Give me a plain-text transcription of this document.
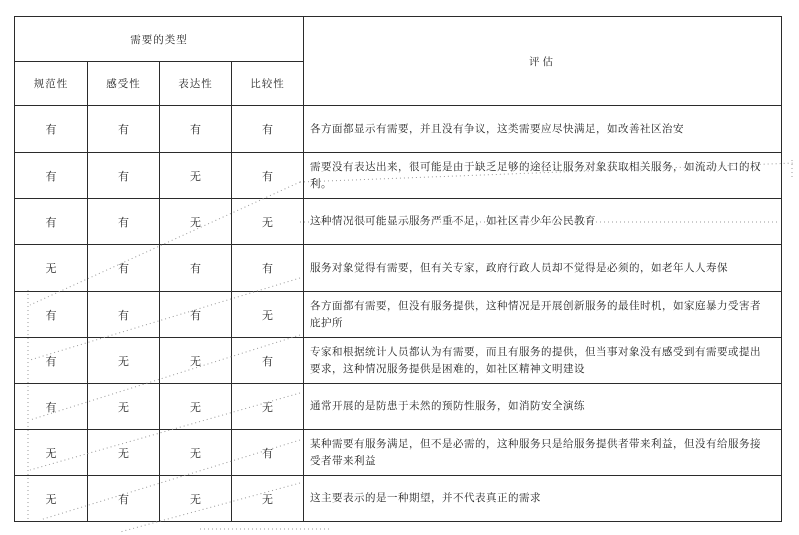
需要的类型				评估
规范性	感受性	表达性	比较性	
有	有	有	有	各方面都显示有需要，并且没有争议，这类需要应尽快满足，如改善社区治安
有	有	无	有	需要没有表达出来，很可能是由于缺乏足够的途径让服务对象获取相关服务，如流动人口的权利。
有	有	无	无	这种情况很可能显示服务严重不足，如社区青少年公民教育
无	有	有	有	服务对象觉得有需要，但有关专家，政府行政人员却不觉得是必须的，如老年人人寿保
有	有	有	无	各方面都有需要，但没有服务提供，这种情况是开展创新服务的最佳时机，如家庭暴力受害者庇护所
有	无	无	有	专家和根据统计人员都认为有需要，而且有服务的提供，但当事对象没有感受到有需要或提出要求，这种情况服务提供是困难的，如社区精神文明建设
有	无	无	无	通常开展的是防患于未然的预防性服务，如消防安全演练
无	无	无	有	某种需要有服务满足，但不是必需的，这种服务只是给服务提供者带来利益，但没有给服务接受者带来利益
无	有	无	无	这主要表示的是一种期望，并不代表真正的需求
